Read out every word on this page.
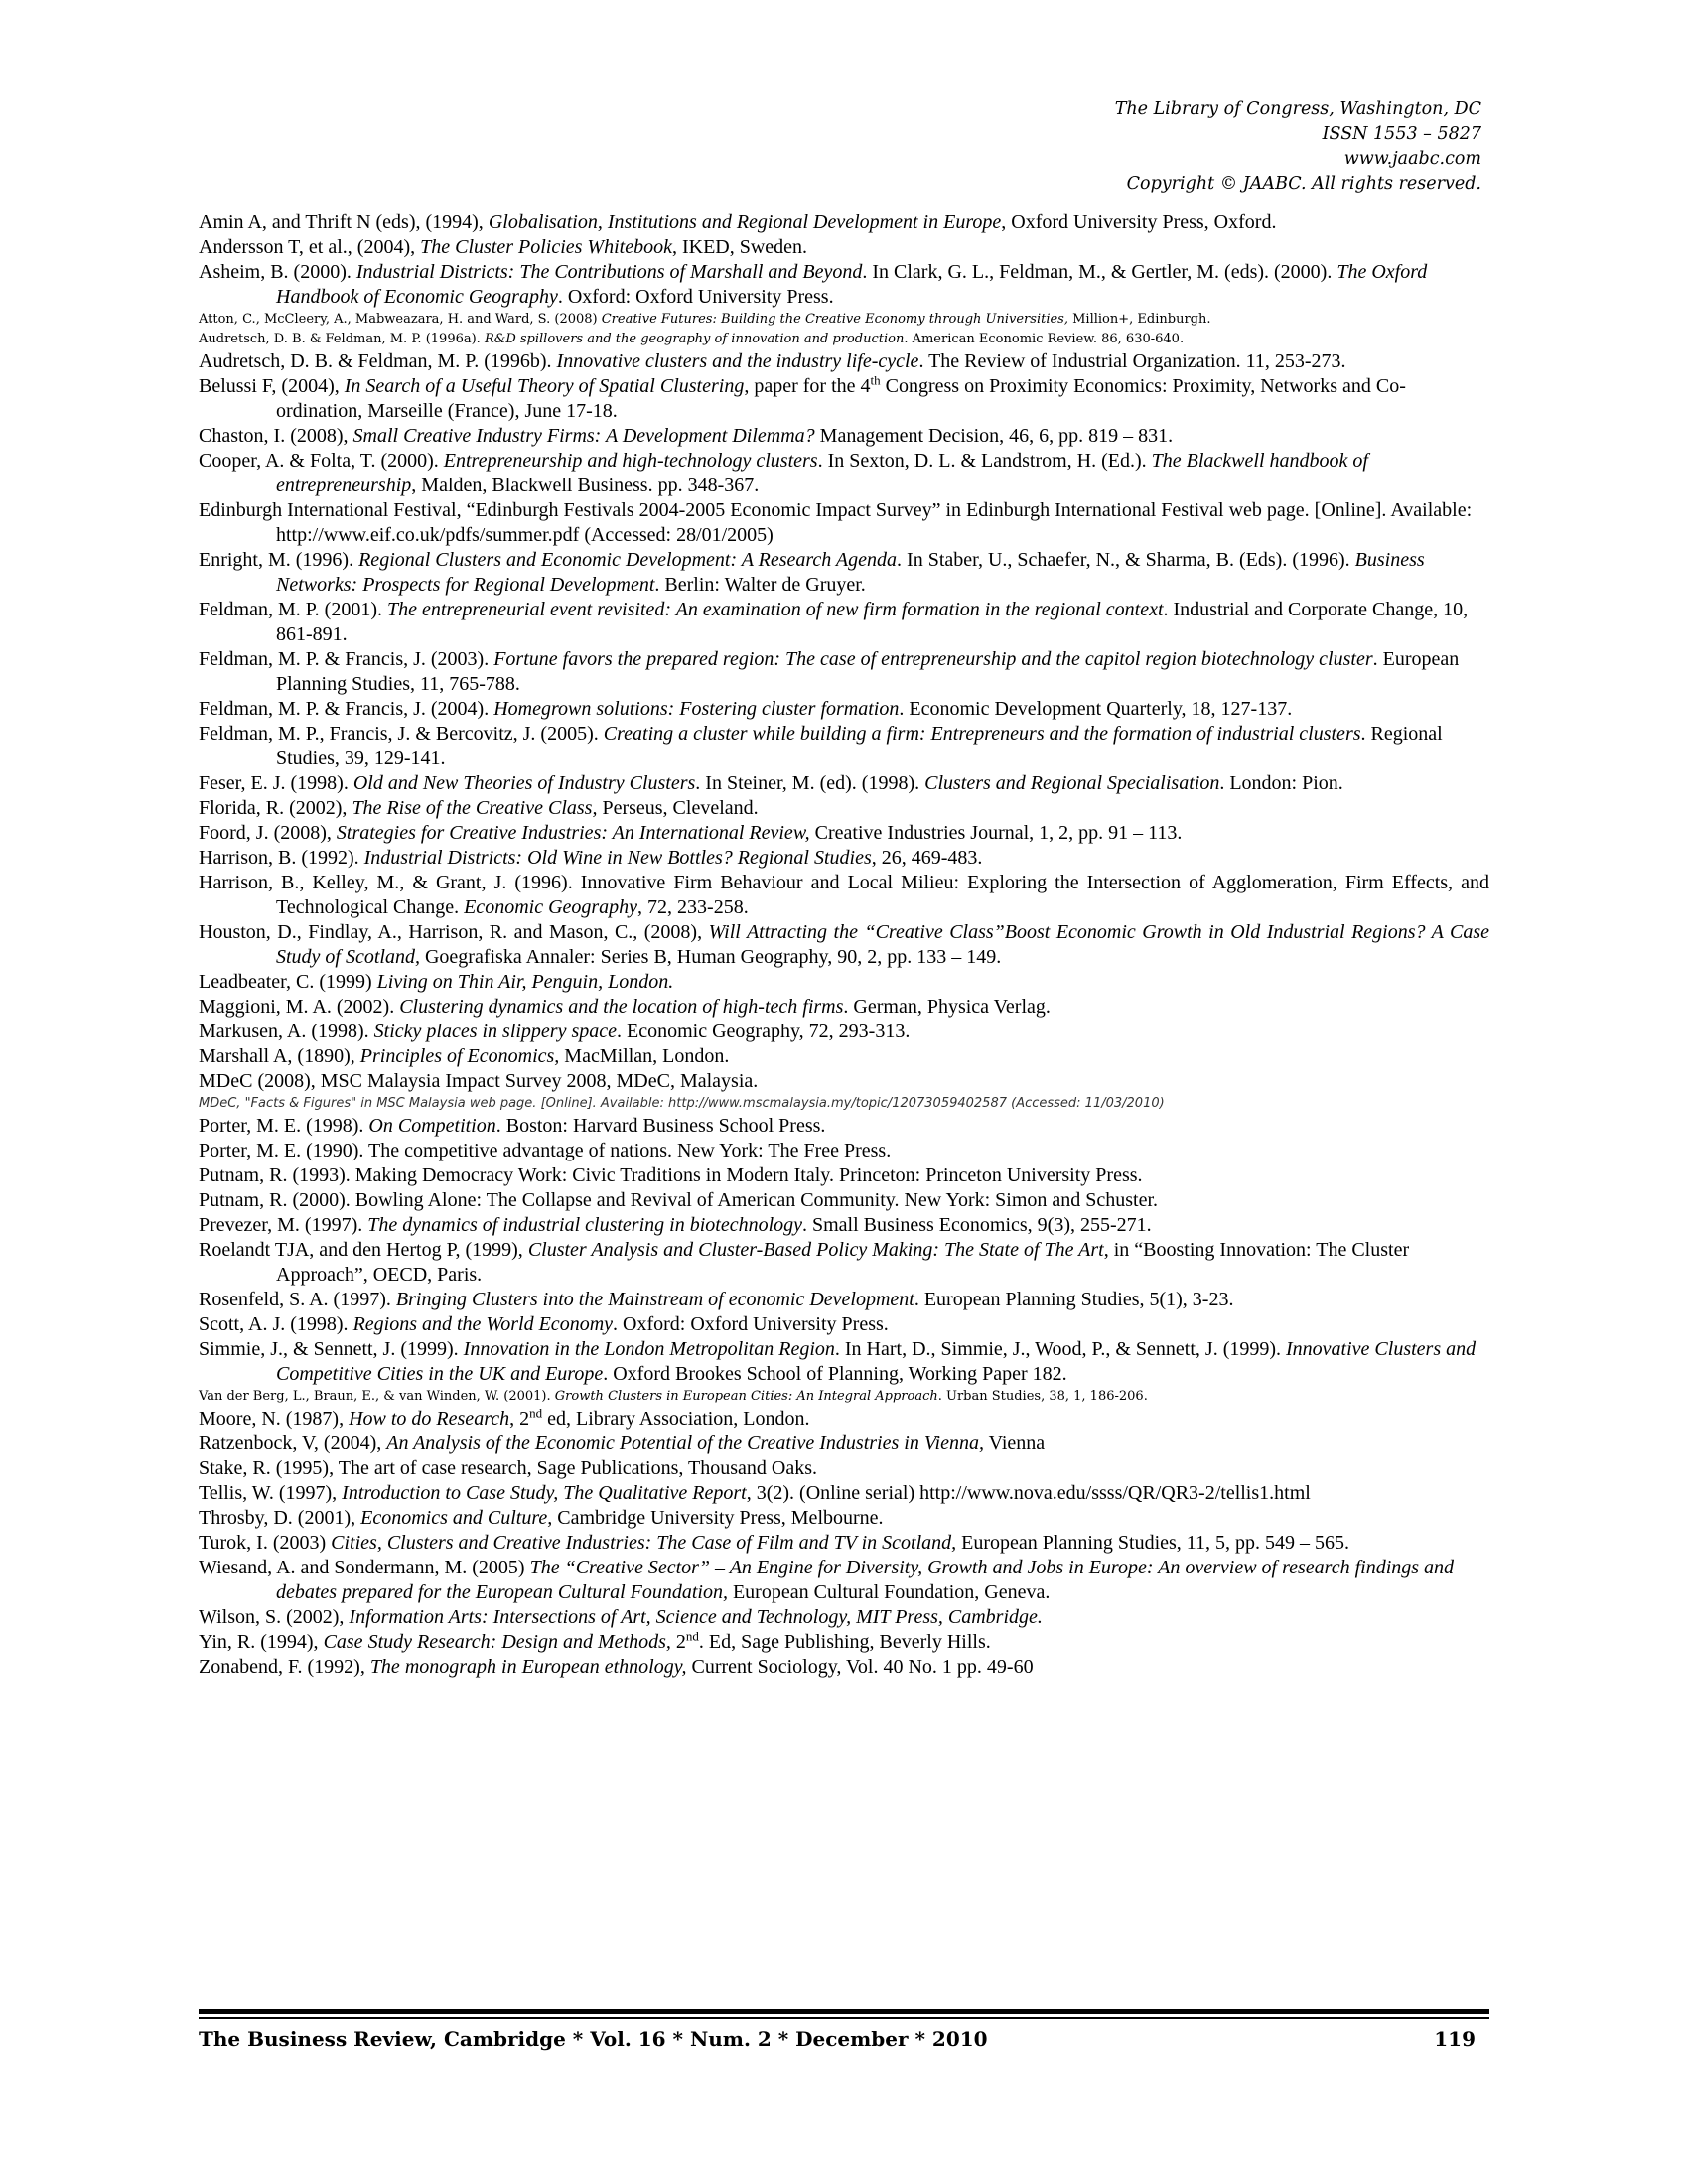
The Library of Congress, Washington, DC
ISSN 1553 – 5827
www.jaabc.com
Copyright © JAABC. All rights reserved.

Amin A, and Thrift N (eds), (1994), Globalisation, Institutions and Regional Development in Europe, Oxford University Press, Oxford.

Andersson T, et al., (2004), The Cluster Policies Whitebook, IKED, Sweden.

Asheim, B. (2000). Industrial Districts: The Contributions of Marshall and Beyond. In Clark, G. L., Feldman, M., & Gertler, M. (eds). (2000). The Oxford Handbook of Economic Geography. Oxford: Oxford University Press.

Atton, C., McCleery, A., Mabweazara, H. and Ward, S. (2008) Creative Futures: Building the Creative Economy through Universities, Million+, Edinburgh.

Audretsch, D. B. & Feldman, M. P. (1996a). R&D spillovers and the geography of innovation and production. American Economic Review. 86, 630-640.

Audretsch, D. B. & Feldman, M. P. (1996b). Innovative clusters and the industry life-cycle. The Review of Industrial Organization. 11, 253-273.

Belussi F, (2004), In Search of a Useful Theory of Spatial Clustering, paper for the 4th Congress on Proximity Economics: Proximity, Networks and Co-ordination, Marseille (France), June 17-18.

Chaston, I. (2008), Small Creative Industry Firms: A Development Dilemma? Management Decision, 46, 6, pp. 819 – 831.

Cooper, A. & Folta, T. (2000). Entrepreneurship and high-technology clusters. In Sexton, D. L. & Landstrom, H. (Ed.). The Blackwell handbook of entrepreneurship, Malden, Blackwell Business. pp. 348-367.

Edinburgh International Festival, “Edinburgh Festivals 2004-2005 Economic Impact Survey” in Edinburgh International Festival web page. [Online]. Available: http://www.eif.co.uk/pdfs/summer.pdf (Accessed: 28/01/2005)

Enright, M. (1996). Regional Clusters and Economic Development: A Research Agenda. In Staber, U., Schaefer, N., & Sharma, B. (Eds). (1996). Business Networks: Prospects for Regional Development. Berlin: Walter de Gruyer.

Feldman, M. P. (2001). The entrepreneurial event revisited: An examination of new firm formation in the regional context. Industrial and Corporate Change, 10, 861-891.

Feldman, M. P. & Francis, J. (2003). Fortune favors the prepared region: The case of entrepreneurship and the capitol region biotechnology cluster. European Planning Studies, 11, 765-788.

Feldman, M. P. & Francis, J. (2004). Homegrown solutions: Fostering cluster formation. Economic Development Quarterly, 18, 127-137.

Feldman, M. P., Francis, J. & Bercovitz, J. (2005). Creating a cluster while building a firm: Entrepreneurs and the formation of industrial clusters. Regional Studies, 39, 129-141.

Feser, E. J. (1998). Old and New Theories of Industry Clusters. In Steiner, M. (ed). (1998). Clusters and Regional Specialisation. London: Pion.

Florida, R. (2002), The Rise of the Creative Class, Perseus, Cleveland.

Foord, J. (2008), Strategies for Creative Industries: An International Review, Creative Industries Journal, 1, 2, pp. 91 – 113.

Harrison, B. (1992). Industrial Districts: Old Wine in New Bottles? Regional Studies, 26, 469-483.

Harrison, B., Kelley, M., & Grant, J. (1996). Innovative Firm Behaviour and Local Milieu: Exploring the Intersection of Agglomeration, Firm Effects, and Technological Change. Economic Geography, 72, 233-258.

Houston, D., Findlay, A., Harrison, R. and Mason, C., (2008), Will Attracting the “Creative Class”Boost Economic Growth in Old Industrial Regions? A Case Study of Scotland, Goegrafiska Annaler: Series B, Human Geography, 90, 2, pp. 133 – 149.

Leadbeater, C. (1999) Living on Thin Air, Penguin, London.

Maggioni, M. A. (2002). Clustering dynamics and the location of high-tech firms. German, Physica Verlag.

Markusen, A. (1998). Sticky places in slippery space. Economic Geography, 72, 293-313.

Marshall A, (1890), Principles of Economics, MacMillan, London.

MDeC (2008), MSC Malaysia Impact Survey 2008, MDeC, Malaysia.

MDeC, "Facts & Figures" in MSC Malaysia web page. [Online]. Available: http://www.mscmalaysia.my/topic/12073059402587 (Accessed: 11/03/2010)

Porter, M. E. (1998). On Competition. Boston: Harvard Business School Press.

Porter, M. E. (1990). The competitive advantage of nations. New York: The Free Press.

Putnam, R. (1993). Making Democracy Work: Civic Traditions in Modern Italy. Princeton: Princeton University Press.

Putnam, R. (2000). Bowling Alone: The Collapse and Revival of American Community. New York: Simon and Schuster.

Prevezer, M. (1997). The dynamics of industrial clustering in biotechnology. Small Business Economics, 9(3), 255-271.

Roelandt TJA, and den Hertog P, (1999), Cluster Analysis and Cluster-Based Policy Making: The State of The Art, in “Boosting Innovation: The Cluster Approach”, OECD, Paris.

Rosenfeld, S. A. (1997). Bringing Clusters into the Mainstream of economic Development. European Planning Studies, 5(1), 3-23.

Scott, A. J. (1998). Regions and the World Economy. Oxford: Oxford University Press.

Simmie, J., & Sennett, J. (1999). Innovation in the London Metropolitan Region. In Hart, D., Simmie, J., Wood, P., & Sennett, J. (1999). Innovative Clusters and Competitive Cities in the UK and Europe. Oxford Brookes School of Planning, Working Paper 182.

Van der Berg, L., Braun, E., & van Winden, W. (2001). Growth Clusters in European Cities: An Integral Approach. Urban Studies, 38, 1, 186-206.

Moore, N. (1987), How to do Research, 2nd ed, Library Association, London.

Ratzenbock, V, (2004), An Analysis of the Economic Potential of the Creative Industries in Vienna, Vienna

Stake, R. (1995), The art of case research, Sage Publications, Thousand Oaks.

Tellis, W. (1997), Introduction to Case Study, The Qualitative Report, 3(2). (Online serial) http://www.nova.edu/ssss/QR/QR3-2/tellis1.html

Throsby, D. (2001), Economics and Culture, Cambridge University Press, Melbourne.

Turok, I. (2003) Cities, Clusters and Creative Industries: The Case of Film and TV in Scotland, European Planning Studies, 11, 5, pp. 549 – 565.

Wiesand, A. and Sondermann, M. (2005) The “Creative Sector” – An Engine for Diversity, Growth and Jobs in Europe: An overview of research findings and debates prepared for the European Cultural Foundation, European Cultural Foundation, Geneva.

Wilson, S. (2002), Information Arts: Intersections of Art, Science and Technology, MIT Press, Cambridge.

Yin, R. (1994), Case Study Research: Design and Methods, 2nd. Ed, Sage Publishing, Beverly Hills.

Zonabend, F. (1992), The monograph in European ethnology, Current Sociology, Vol. 40 No. 1 pp. 49-60

The Business Review, Cambridge * Vol. 16 * Num. 2 * December * 2010	119
